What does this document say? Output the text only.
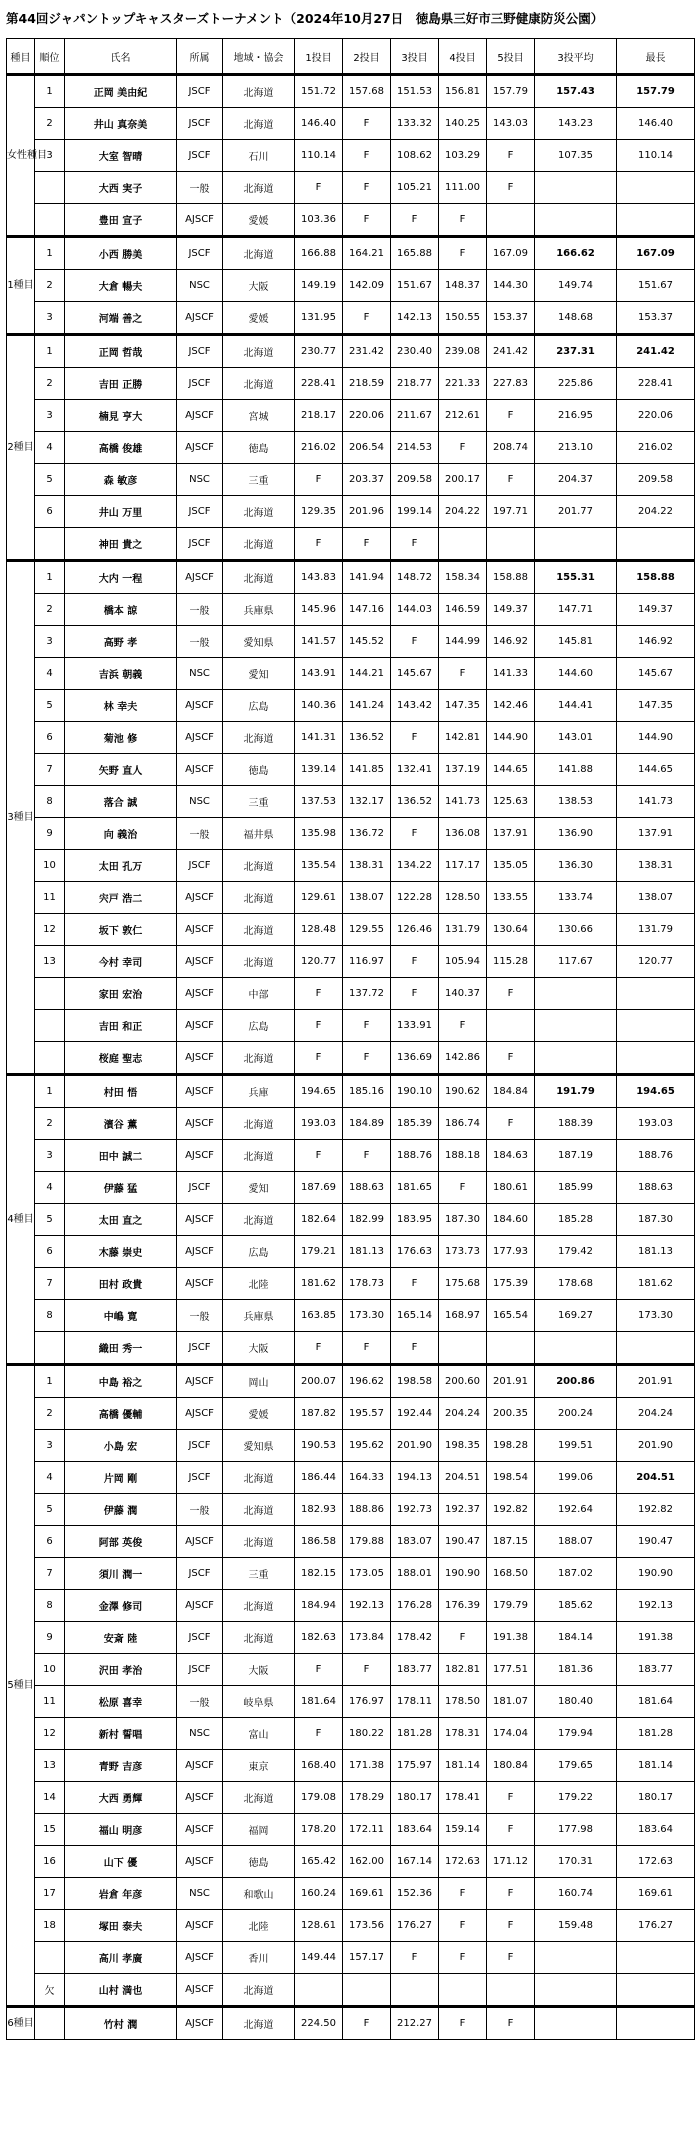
第44回ジャパントップキャスターズトーナメント（2024年10月27日　徳島県三好市三野健康防災公園）
種目	順位	氏名	所属	地域・協会	1投目	2投目	3投目	4投目	5投目	3投平均	最長
女性種目	1	正岡 美由紀	JSCF	北海道	151.72	157.68	151.53	156.81	157.79	157.43	157.79
	2	井山 真奈美	JSCF	北海道	146.40	F	133.32	140.25	143.03	143.23	146.40
	3	大室 智晴	JSCF	石川	110.14	F	108.62	103.29	F	107.35	110.14
		大西 実子	一般	北海道	F	F	105.21	111.00	F		
		豊田 宣子	AJSCF	愛媛	103.36	F	F	F			
1種目	1	小西 勝美	JSCF	北海道	166.88	164.21	165.88	F	167.09	166.62	167.09
	2	大倉 暢夫	NSC	大阪	149.19	142.09	151.67	148.37	144.30	149.74	151.67
	3	河端 善之	AJSCF	愛媛	131.95	F	142.13	150.55	153.37	148.68	153.37
2種目	1	正岡 哲哉	JSCF	北海道	230.77	231.42	230.40	239.08	241.42	237.31	241.42
	2	吉田 正勝	JSCF	北海道	228.41	218.59	218.77	221.33	227.83	225.86	228.41
	3	楠見 亨大	AJSCF	宮城	218.17	220.06	211.67	212.61	F	216.95	220.06
	4	高橋 俊雄	AJSCF	徳島	216.02	206.54	214.53	F	208.74	213.10	216.02
	5	森 敏彦	NSC	三重	F	203.37	209.58	200.17	F	204.37	209.58
	6	井山 万里	JSCF	北海道	129.35	201.96	199.14	204.22	197.71	201.77	204.22
		神田 貴之	JSCF	北海道	F	F	F				
3種目	1	大内 一程	AJSCF	北海道	143.83	141.94	148.72	158.34	158.88	155.31	158.88
	2	橋本 諒	一般	兵庫県	145.96	147.16	144.03	146.59	149.37	147.71	149.37
	3	高野 孝	一般	愛知県	141.57	145.52	F	144.99	146.92	145.81	146.92
	4	吉浜 朝義	NSC	愛知	143.91	144.21	145.67	F	141.33	144.60	145.67
	5	林 幸夫	AJSCF	広島	140.36	141.24	143.42	147.35	142.46	144.41	147.35
	6	菊池 修	AJSCF	北海道	141.31	136.52	F	142.81	144.90	143.01	144.90
	7	矢野 直人	AJSCF	徳島	139.14	141.85	132.41	137.19	144.65	141.88	144.65
	8	落合 誠	NSC	三重	137.53	132.17	136.52	141.73	125.63	138.53	141.73
	9	向 義治	一般	福井県	135.98	136.72	F	136.08	137.91	136.90	137.91
	10	太田 孔万	JSCF	北海道	135.54	138.31	134.22	117.17	135.05	136.30	138.31
	11	宍戸 浩二	AJSCF	北海道	129.61	138.07	122.28	128.50	133.55	133.74	138.07
	12	坂下 敦仁	AJSCF	北海道	128.48	129.55	126.46	131.79	130.64	130.66	131.79
	13	今村 幸司	AJSCF	北海道	120.77	116.97	F	105.94	115.28	117.67	120.77
		家田 宏治	AJSCF	中部	F	137.72	F	140.37	F		
		吉田 和正	AJSCF	広島	F	F	133.91	F			
		桜庭 聖志	AJSCF	北海道	F	F	136.69	142.86	F		
4種目	1	村田 悟	AJSCF	兵庫	194.65	185.16	190.10	190.62	184.84	191.79	194.65
	2	濱谷 薫	AJSCF	北海道	193.03	184.89	185.39	186.74	F	188.39	193.03
	3	田中 誠二	AJSCF	北海道	F	F	188.76	188.18	184.63	187.19	188.76
	4	伊藤 猛	JSCF	愛知	187.69	188.63	181.65	F	180.61	185.99	188.63
	5	太田 直之	AJSCF	北海道	182.64	182.99	183.95	187.30	184.60	185.28	187.30
	6	木藤 崇史	AJSCF	広島	179.21	181.13	176.63	173.73	177.93	179.42	181.13
	7	田村 政貴	AJSCF	北陸	181.62	178.73	F	175.68	175.39	178.68	181.62
	8	中嶋 寛	一般	兵庫県	163.85	173.30	165.14	168.97	165.54	169.27	173.30
		織田 秀一	JSCF	大阪	F	F	F				
5種目	1	中島 裕之	AJSCF	岡山	200.07	196.62	198.58	200.60	201.91	200.86	201.91
	2	高橋 優輔	AJSCF	愛媛	187.82	195.57	192.44	204.24	200.35	200.24	204.24
	3	小島 宏	JSCF	愛知県	190.53	195.62	201.90	198.35	198.28	199.51	201.90
	4	片岡 剛	JSCF	北海道	186.44	164.33	194.13	204.51	198.54	199.06	204.51
	5	伊藤 潤	一般	北海道	182.93	188.86	192.73	192.37	192.82	192.64	192.82
	6	阿部 英俊	AJSCF	北海道	186.58	179.88	183.07	190.47	187.15	188.07	190.47
	7	須川 潤一	JSCF	三重	182.15	173.05	188.01	190.90	168.50	187.02	190.90
	8	金澤 修司	AJSCF	北海道	184.94	192.13	176.28	176.39	179.79	185.62	192.13
	9	安斎 陸	JSCF	北海道	182.63	173.84	178.42	F	191.38	184.14	191.38
	10	沢田 孝治	JSCF	大阪	F	F	183.77	182.81	177.51	181.36	183.77
	11	松原 喜幸	一般	岐阜県	181.64	176.97	178.11	178.50	181.07	180.40	181.64
	12	新村 誓唱	NSC	富山	F	180.22	181.28	178.31	174.04	179.94	181.28
	13	青野 吉彦	AJSCF	東京	168.40	171.38	175.97	181.14	180.84	179.65	181.14
	14	大西 勇輝	AJSCF	北海道	179.08	178.29	180.17	178.41	F	179.22	180.17
	15	福山 明彦	AJSCF	福岡	178.20	172.11	183.64	159.14	F	177.98	183.64
	16	山下 優	AJSCF	徳島	165.42	162.00	167.14	172.63	171.12	170.31	172.63
	17	岩倉 年彦	NSC	和歌山	160.24	169.61	152.36	F	F	160.74	169.61
	18	塚田 泰夫	AJSCF	北陸	128.61	173.56	176.27	F	F	159.48	176.27
		高川 孝廣	AJSCF	香川	149.44	157.17	F	F	F		
	欠	山村 満也	AJSCF	北海道							
6種目		竹村 潤	AJSCF	北海道	224.50	F	212.27	F	F		
